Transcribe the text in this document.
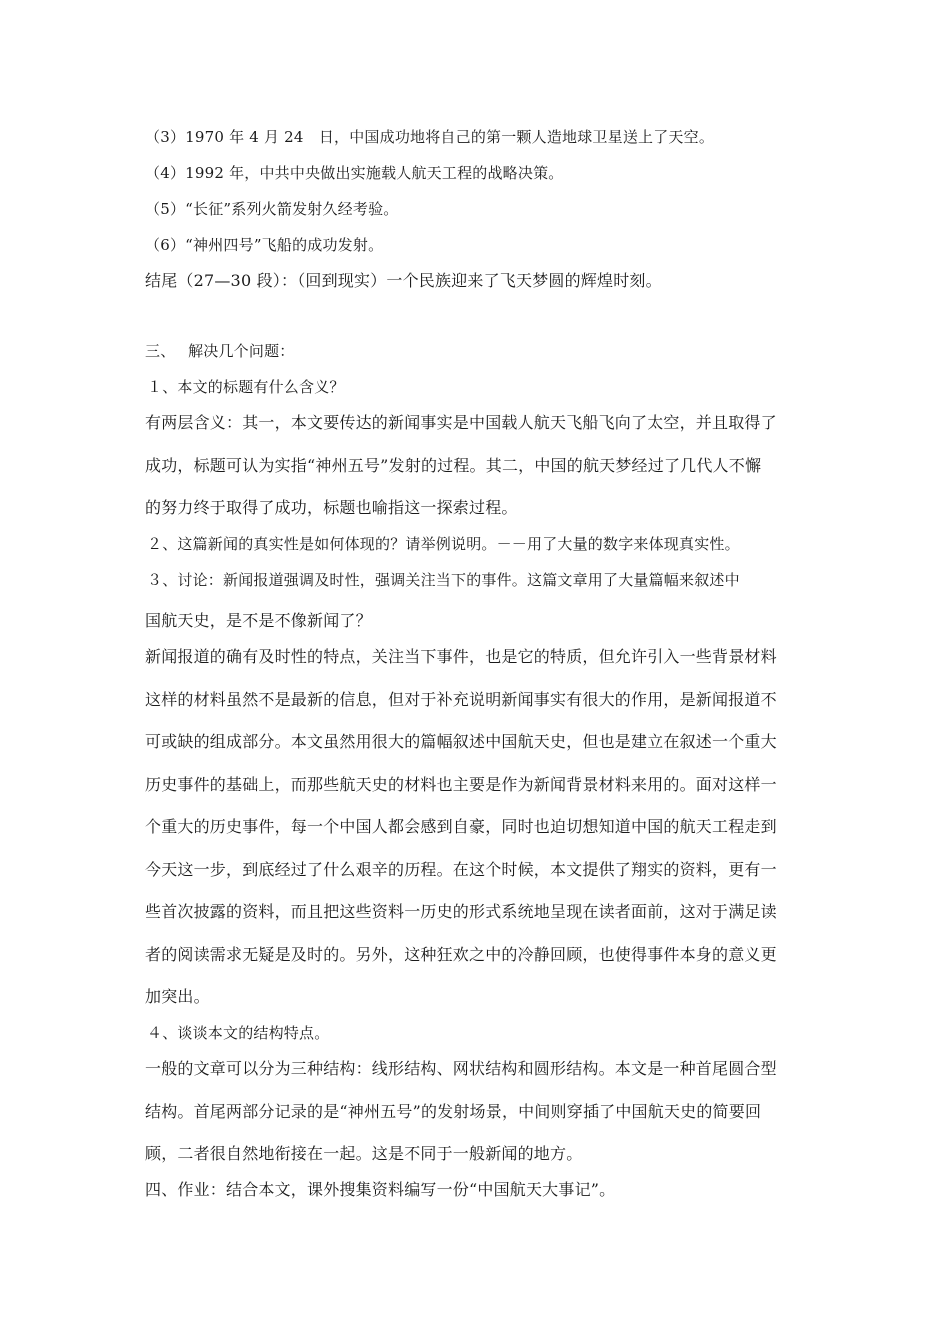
（3）1970 年 4 月 24　日，中国成功地将自己的第一颗人造地球卫星送上了天空。
（4）1992 年，中共中央做出实施载人航天工程的战略决策。
（5）“长征”系列火箭发射久经考验。
（6）“神州四号”飞船的成功发射。
结尾（27—30 段）：（回到现实）一个民族迎来了飞天梦圆的辉煌时刻。
三、　 解决几个问题：
１、本文的标题有什么含义？
有两层含义：其一，本文要传达的新闻事实是中国载人航天飞船飞向了太空，并且取得了
成功，标题可认为实指“神州五号”发射的过程。其二，中国的航天梦经过了几代人不懈
的努力终于取得了成功，标题也喻指这一探索过程。
２、这篇新闻的真实性是如何体现的？请举例说明。－－用了大量的数字来体现真实性。
３、讨论：新闻报道强调及时性，强调关注当下的事件。这篇文章用了大量篇幅来叙述中
国航天史，是不是不像新闻了？
新闻报道的确有及时性的特点，关注当下事件，也是它的特质，但允许引入一些背景材料
这样的材料虽然不是最新的信息，但对于补充说明新闻事实有很大的作用，是新闻报道不
可或缺的组成部分。本文虽然用很大的篇幅叙述中国航天史，但也是建立在叙述一个重大
历史事件的基础上，而那些航天史的材料也主要是作为新闻背景材料来用的。面对这样一
个重大的历史事件，每一个中国人都会感到自豪，同时也迫切想知道中国的航天工程走到
今天这一步，到底经过了什么艰辛的历程。在这个时候，本文提供了翔实的资料，更有一
些首次披露的资料，而且把这些资料一历史的形式系统地呈现在读者面前，这对于满足读
者的阅读需求无疑是及时的。另外，这种狂欢之中的冷静回顾，也使得事件本身的意义更
加突出。
４、谈谈本文的结构特点。
一般的文章可以分为三种结构：线形结构、网状结构和圆形结构。本文是一种首尾圆合型
结构。首尾两部分记录的是“神州五号”的发射场景，中间则穿插了中国航天史的简要回
顾，二者很自然地衔接在一起。这是不同于一般新闻的地方。
四、作业：结合本文，课外搜集资料编写一份“中国航天大事记”。
